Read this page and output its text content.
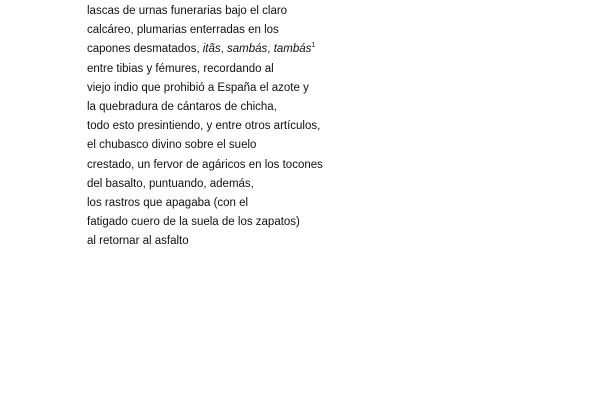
lascas de urnas funerarias bajo el claro
calcáreo, plumarias enterradas en los
capones desmatados, itãs, sambás, tambás$^1$
entre tibias y fémures, recordando al
viejo indio que prohibió a España el azote y
la quebradura de cántaros de chicha,
todo esto presintiendo, y entre otros artículos,
el chubasco divino sobre el suelo
crestado, un fervor de agáricos en los tocones
del basalto, puntuando, además,
los rastros que apagaba (con el
fatigado cuero de la suela de los zapatos)
al retornar al asfalto
